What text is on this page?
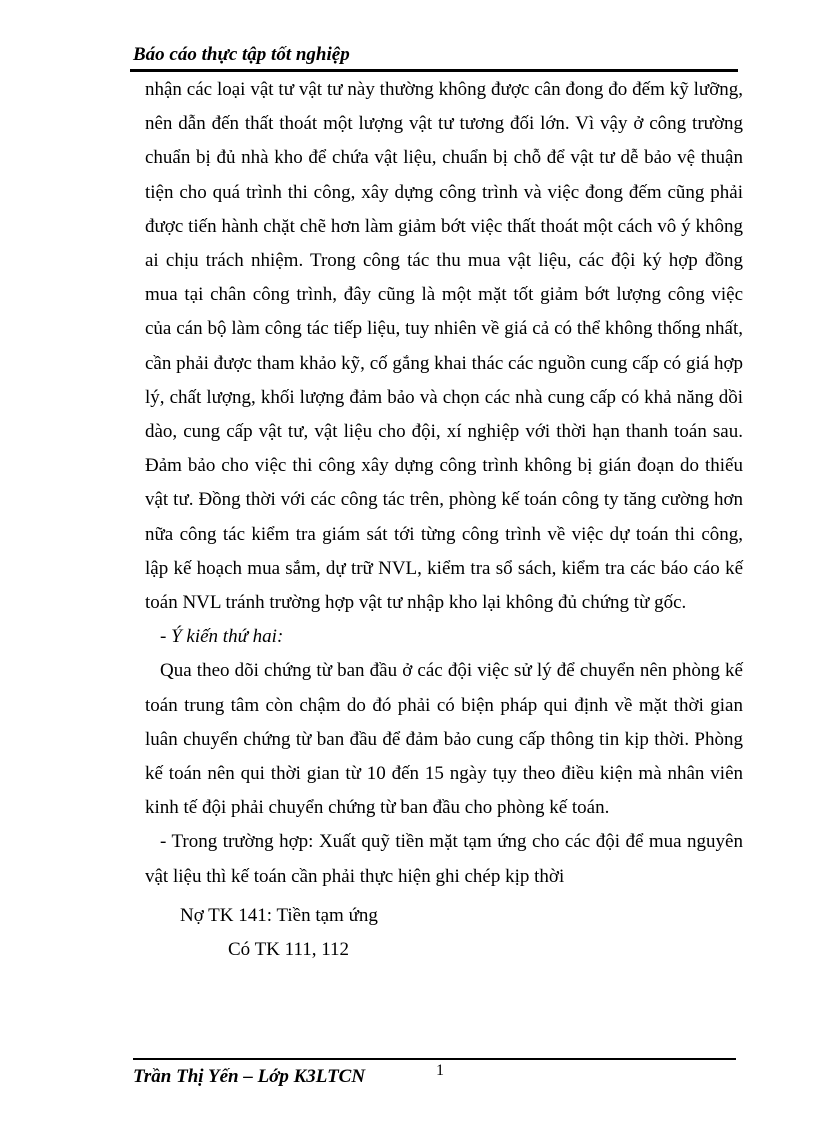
Báo cáo thực tập tốt nghiệp

nhận các loại vật tư vật tư này thường không được cân đong đo đếm kỹ lưỡng, nên dẫn đến thất thoát một lượng vật tư tương đối lớn. Vì vậy ở công trường chuẩn bị đủ nhà kho để chứa vật liệu, chuẩn bị chỗ để vật tư dễ bảo vệ thuận tiện cho quá trình thi công, xây dựng công trình và việc đong đếm cũng phải được tiến hành chặt chẽ hơn làm giảm bớt việc thất thoát một cách vô ý không ai chịu trách nhiệm. Trong công tác thu mua vật liệu, các đội ký hợp đồng mua tại chân công trình, đây cũng là một mặt tốt giảm bớt lượng công việc của cán bộ làm công tác tiếp liệu, tuy nhiên về giá cả có thể không thống nhất, cần phải được tham khảo kỹ, cố gắng khai thác các nguồn cung cấp có giá hợp lý, chất lượng, khối lượng đảm bảo và chọn các nhà cung cấp có khả năng dồi dào, cung cấp vật tư, vật liệu cho đội, xí nghiệp với thời hạn thanh toán sau. Đảm bảo cho việc thi công xây dựng công trình không bị gián đoạn do thiếu vật tư. Đồng thời với các công tác trên, phòng kế toán công ty tăng cường hơn nữa công tác kiểm tra giám sát tới từng công trình về việc dự toán thi công, lập kế hoạch mua sắm, dự trữ NVL, kiểm tra sổ sách, kiểm tra các báo cáo kế toán NVL tránh trường hợp vật tư nhập kho lại không đủ chứng từ gốc.

- Ý kiến thứ hai:

Qua theo dõi chứng từ ban đầu ở các đội việc sử lý để chuyển nên phòng kế toán trung tâm còn chậm do đó phải có biện pháp qui định về mặt thời gian luân chuyển chứng từ ban đầu để đảm bảo cung cấp thông tin kịp thời. Phòng kế toán nên qui thời gian từ 10 đến 15 ngày tụy theo điều kiện mà nhân viên kinh tế đội phải chuyển chứng từ ban đầu cho phòng kế toán.

- Trong trường hợp: Xuất quỹ tiền mặt tạm ứng cho các đội để mua nguyên vật liệu thì kế toán cần phải thực hiện ghi chép kịp thời

Nợ TK 141: Tiền tạm ứng

Có TK 111, 112

Trần Thị Yến – Lớp K3LTCN	1
